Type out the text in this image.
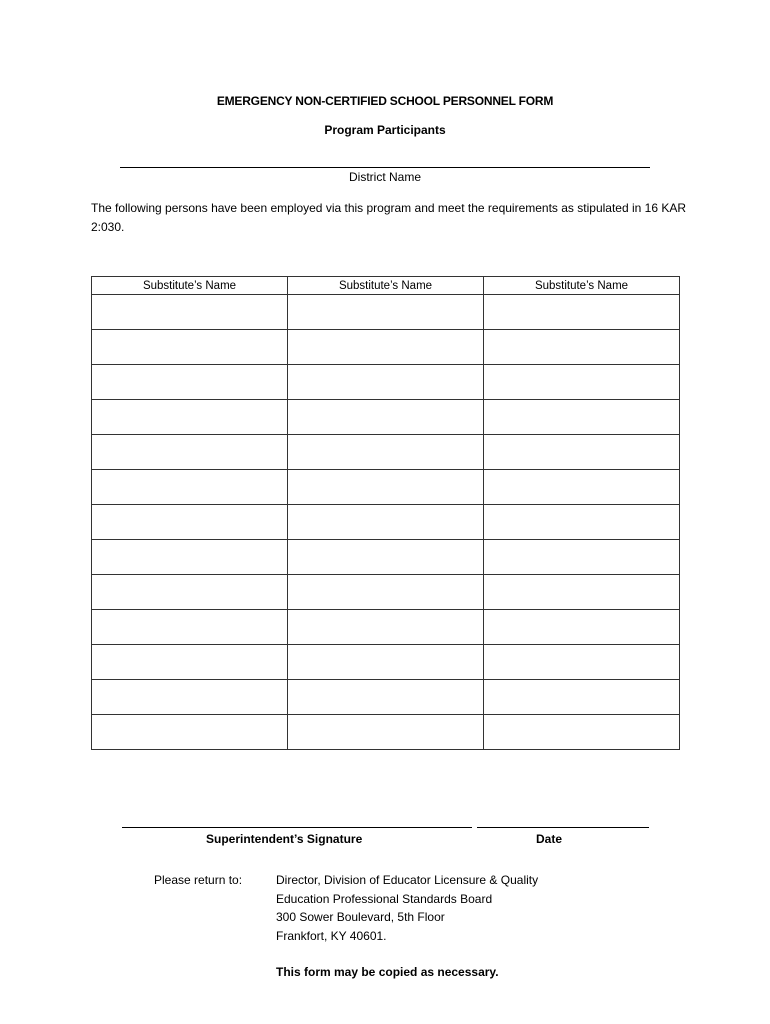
EMERGENCY NON-CERTIFIED SCHOOL PERSONNEL FORM
Program Participants
District Name
The following persons have been employed via this program and meet the requirements as stipulated in 16 KAR 2:030.
Substitute’s Name	Substitute’s Name	Substitute’s Name

Superintendent’s Signature	Date
Please return to:	Director, Division of Educator Licensure & Quality
Education Professional Standards Board
300 Sower Boulevard, 5th Floor
Frankfort, KY 40601.
This form may be copied as necessary.
